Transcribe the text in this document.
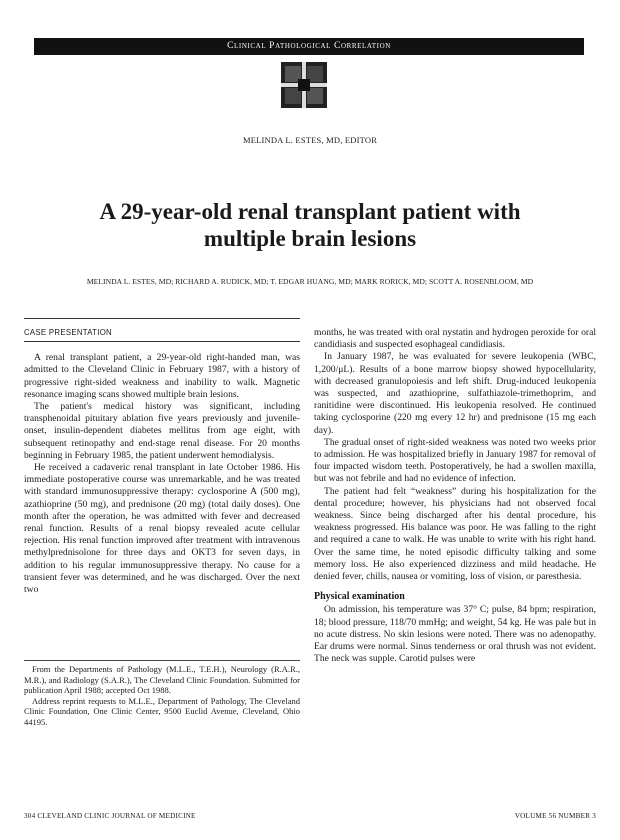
Clinical Pathological Correlation
MELINDA L. ESTES, MD, EDITOR
A 29-year-old renal transplant patient with
multiple brain lesions
MELINDA L. ESTES, MD; RICHARD A. RUDICK, MD; T. EDGAR HUANG, MD; MARK RORICK, MD; SCOTT A. ROSENBLOOM, MD
CASE PRESENTATION

A renal transplant patient, a 29-year-old right-handed man, was admitted to the Cleveland Clinic in February 1987, with a history of progressive right-sided weakness and inability to walk. Magnetic resonance imaging scans showed multiple brain lesions.

The patient's medical history was significant, including transphenoidal pituitary ablation five years previously and juvenile-onset, insulin-dependent diabetes mellitus from age eight, with subsequent retinopathy and end-stage renal disease. For 20 months beginning in February 1985, the patient underwent hemodialysis.

He received a cadaveric renal transplant in late October 1986. His immediate postoperative course was unremarkable, and he was treated with standard immunosuppressive therapy: cyclosporine A (500 mg), azathioprine (50 mg), and prednisone (20 mg) (total daily doses). One month after the operation, he was admitted with fever and decreased renal function. Results of a renal biopsy revealed acute cellular rejection. His renal function improved after treatment with intravenous methylprednisolone for three days and OKT3 for seven days, in addition to his regular immunosuppressive therapy. No cause for a transient fever was determined, and he was discharged. Over the next two

From the Departments of Pathology (M.L.E., T.E.H.), Neurology (R.A.R., M.R.), and Radiology (S.A.R.), The Cleveland Clinic Foundation. Submitted for publication April 1988; accepted Oct 1988.

Address reprint requests to M.L.E., Department of Pathology, The Cleveland Clinic Foundation, One Clinic Center, 9500 Euclid Avenue, Cleveland, Ohio 44195.

months, he was treated with oral nystatin and hydrogen peroxide for oral candidiasis and suspected esophageal candidiasis.

In January 1987, he was evaluated for severe leukopenia (WBC, 1,200/μL). Results of a bone marrow biopsy showed hypocellularity, with decreased granulopoiesis and left shift. Drug-induced leukopenia was suspected, and azathioprine, sulfathiazole-trimethoprim, and ranitidine were discontinued. His leukopenia resolved. He continued taking cyclosporine (220 mg every 12 hr) and prednisone (15 mg each day).

The gradual onset of right-sided weakness was noted two weeks prior to admission. He was hospitalized briefly in January 1987 for removal of four impacted wisdom teeth. Postoperatively, he had a swollen maxilla, but was not febrile and had no evidence of infection.

The patient had felt “weakness” during his hospitalization for the dental procedure; however, his physicians had not observed focal weakness. Since being discharged after his dental procedure, his weakness progressed. His balance was poor. He was falling to the right and required a cane to walk. He was unable to write with his right hand. Over the same time, he noted episodic difficulty talking and some memory loss. He also experienced dizziness and mild headache. He denied fever, chills, nausea or vomiting, loss of vision, or paresthesia.

Physical examination

On admission, his temperature was 37° C; pulse, 84 bpm; respiration, 18; blood pressure, 118/70 mmHg; and weight, 54 kg. He was pale but in no acute distress. No skin lesions were noted. There was no adenopathy. Ear drums were normal. Sinus tenderness or oral thrush was not evident. The neck was supple. Carotid pulses were

304 CLEVELAND CLINIC JOURNAL OF MEDICINE	VOLUME 56 NUMBER 3
